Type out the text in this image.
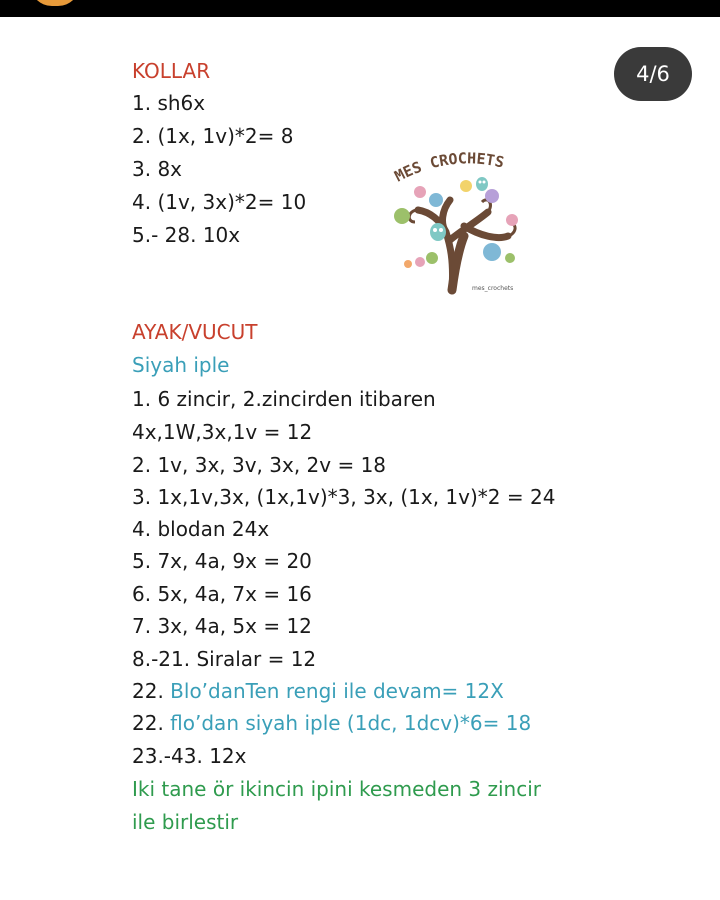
4/6
KOLLAR
1. sh6x
2. (1x, 1v)*2= 8
3. 8x
4. (1v, 3x)*2= 10
5.- 28. 10x
MES CROCHETS
mes_crochets
AYAK/VUCUT
Siyah iple
1. 6 zincir, 2.zincirden itibaren
4x,1W,3x,1v = 12
2. 1v, 3x, 3v, 3x, 2v = 18
3. 1x,1v,3x, (1x,1v)*3, 3x, (1x, 1v)*2 = 24
4. blodan 24x
5. 7x, 4a, 9x = 20
6. 5x, 4a, 7x = 16
7. 3x, 4a, 5x = 12
8.-21. Siralar = 12
22. Blo’danTen rengi ile devam= 12X
22. flo’dan siyah iple (1dc, 1dcv)*6= 18
23.-43. 12x
Iki tane ör ikincin ipini kesmeden 3 zincir
ile birlestir
